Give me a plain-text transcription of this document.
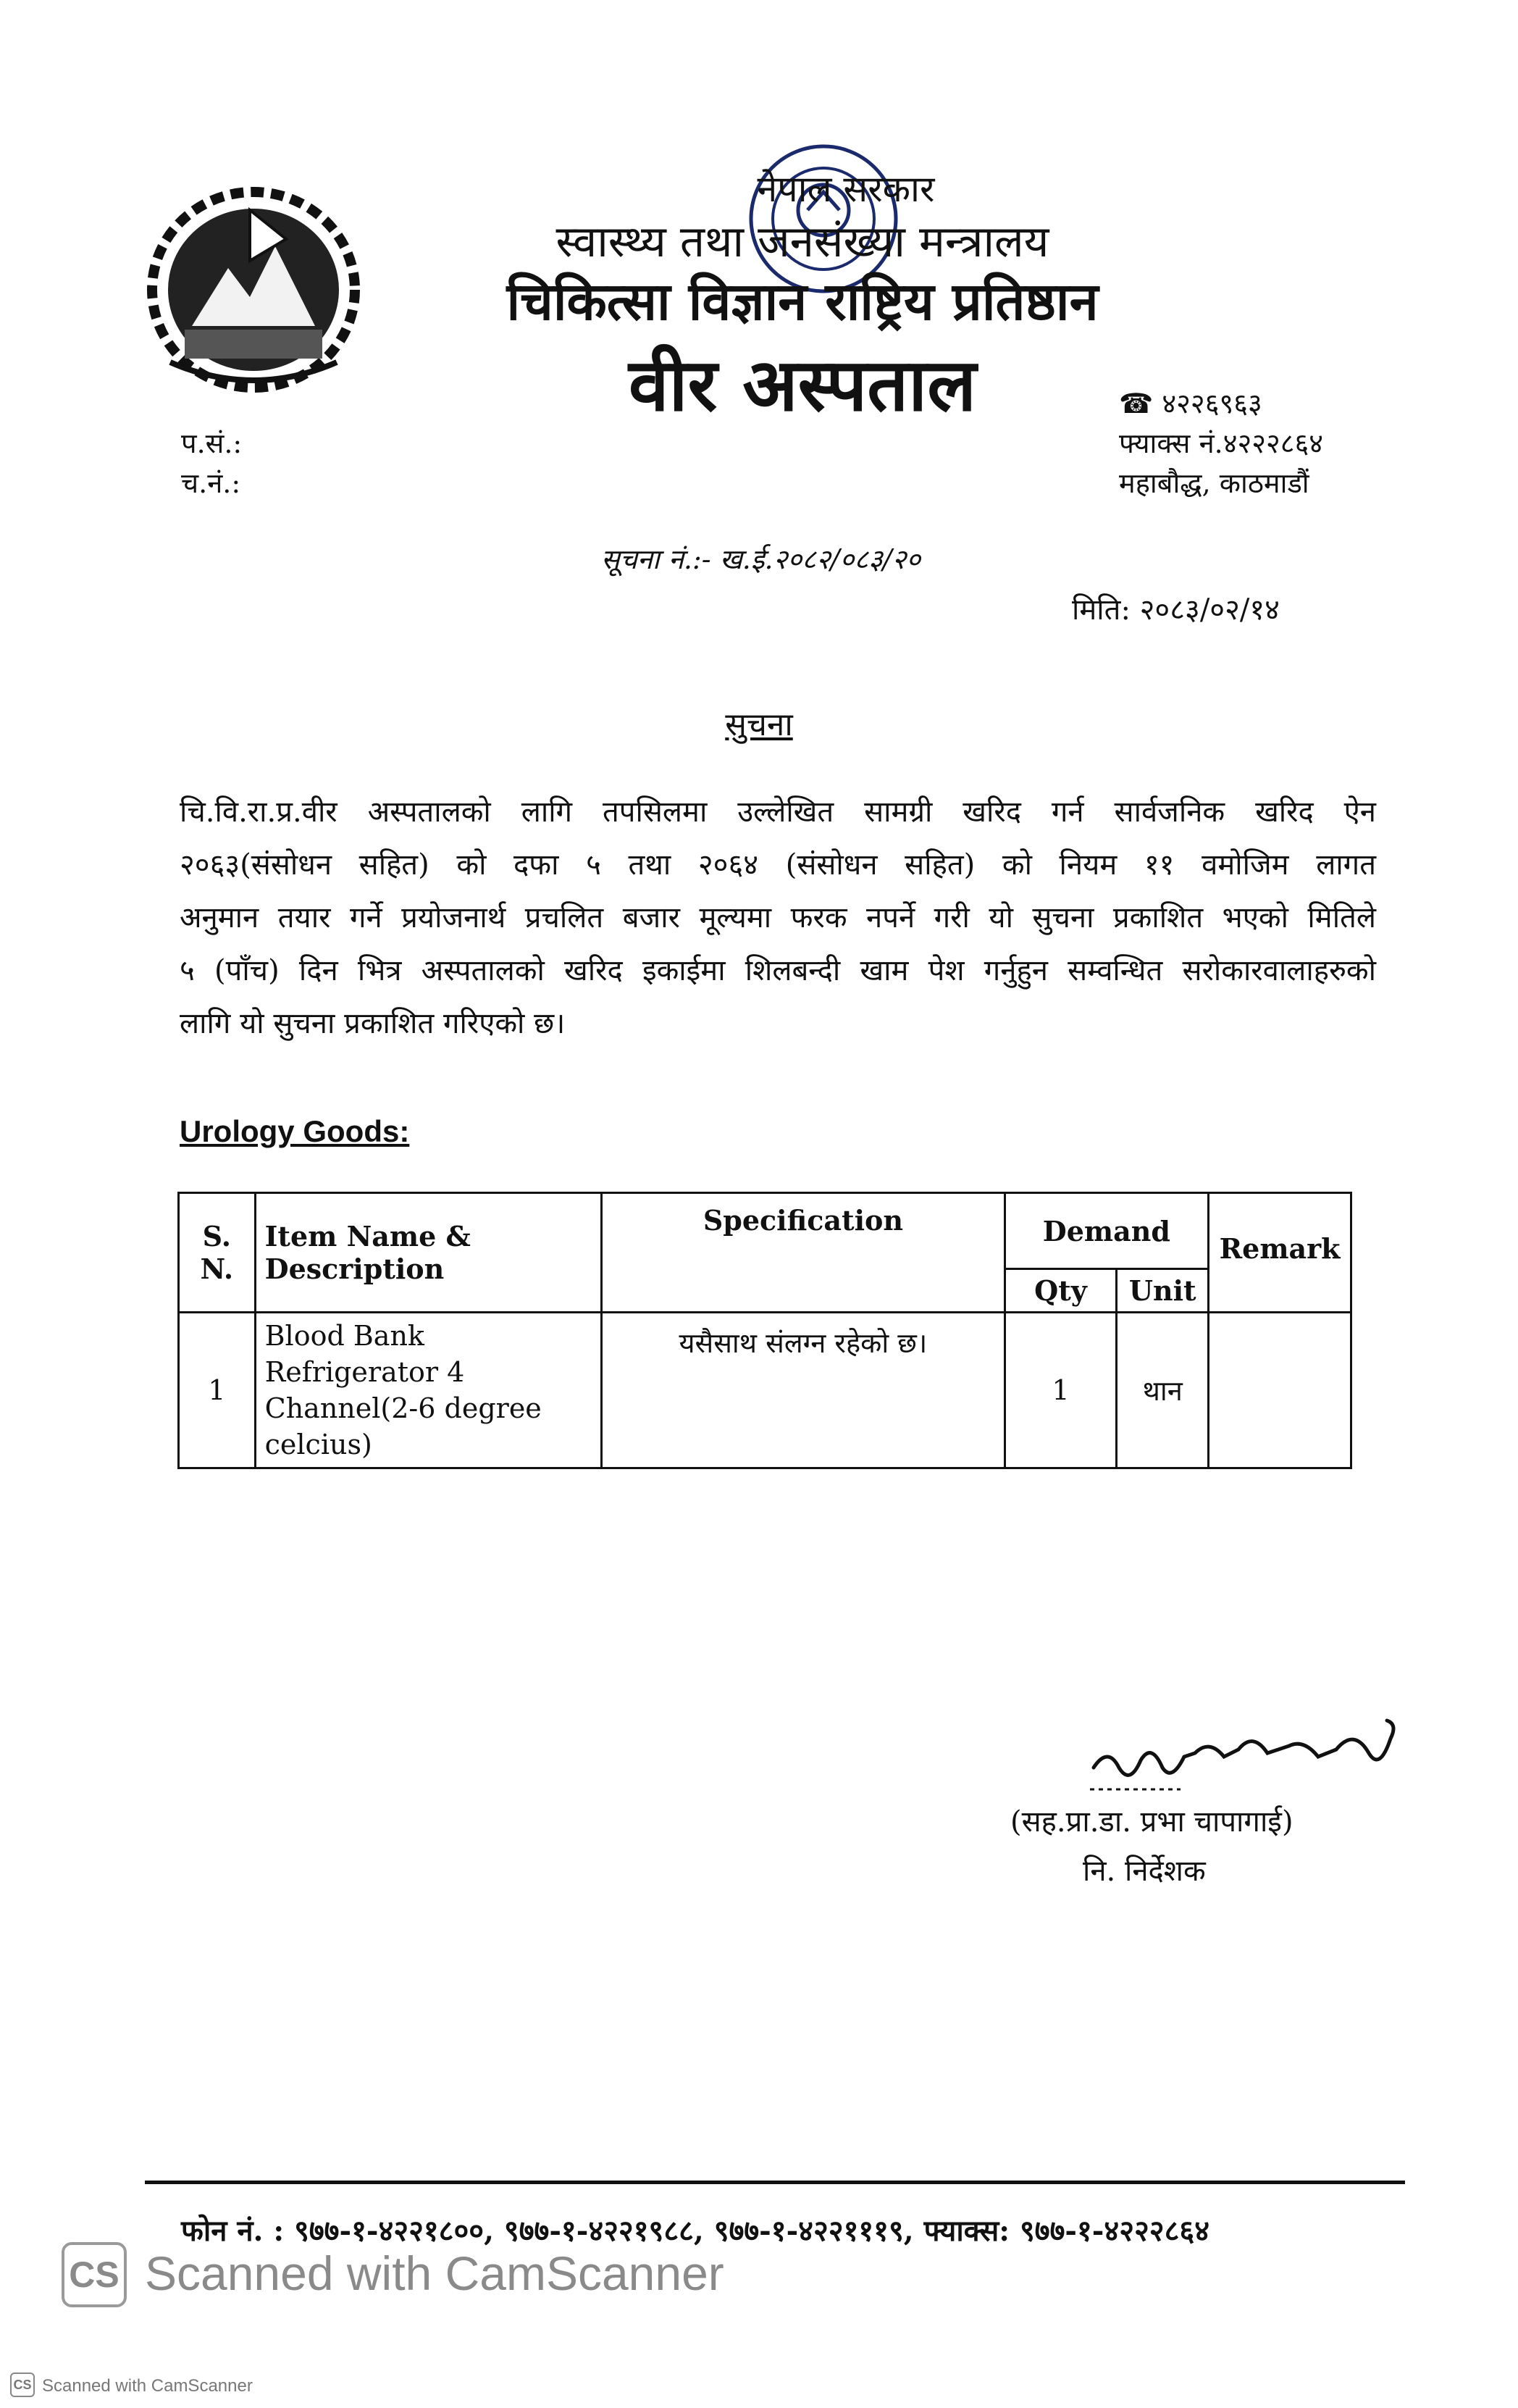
नेपाल सरकार
स्वास्थ्य तथा जनसंख्या मन्त्रालय
चिकित्सा विज्ञान राष्ट्रिय प्रतिष्ठान
वीर अस्पताल	☎ ४२२६९६३
फ्याक्स नं.४२२२८६४
महाबौद्ध, काठमाडौं
प.सं.:
च.नं.:
सूचना नं.:- ख.ई.२०८२/०८३/२०
मिति: २०८३/०२/१४
सुचना
चि.वि.रा.प्र.वीर अस्पतालको लागि तपसिलमा उल्लेखित सामग्री खरिद गर्न सार्वजनिक खरिद ऐन
२०६३(संसोधन सहित) को दफा ५ तथा २०६४ (संसोधन सहित) को नियम ११ वमोजिम लागत
अनुमान तयार गर्ने प्रयोजनार्थ प्रचलित बजार मूल्यमा फरक नपर्ने गरी यो सुचना प्रकाशित भएको मितिले
५ (पाँच) दिन भित्र अस्पतालको खरिद इकाईमा शिलबन्दी खाम पेश गर्नुहुन सम्वन्धित सरोकारवालाहरुको
लागि यो सुचना प्रकाशित गरिएको छ।
Urology Goods:
S. N.	Item Name & Description	Specification	Demand		Remark
			Qty	Unit	
1	Blood Bank Refrigerator 4 Channel(2-6 degree celcius)	यसैसाथ संलग्न रहेको छ।	1	थान	
(सह.प्रा.डा. प्रभा चापागाई)
नि. निर्देशक
फोन नं. : ९७७-१-४२२१८००, ९७७-१-४२२१९८८, ९७७-१-४२२१११९, फ्याक्स: ९७७-१-४२२२८६४
CS Scanned with CamScanner
CS Scanned with CamScanner
